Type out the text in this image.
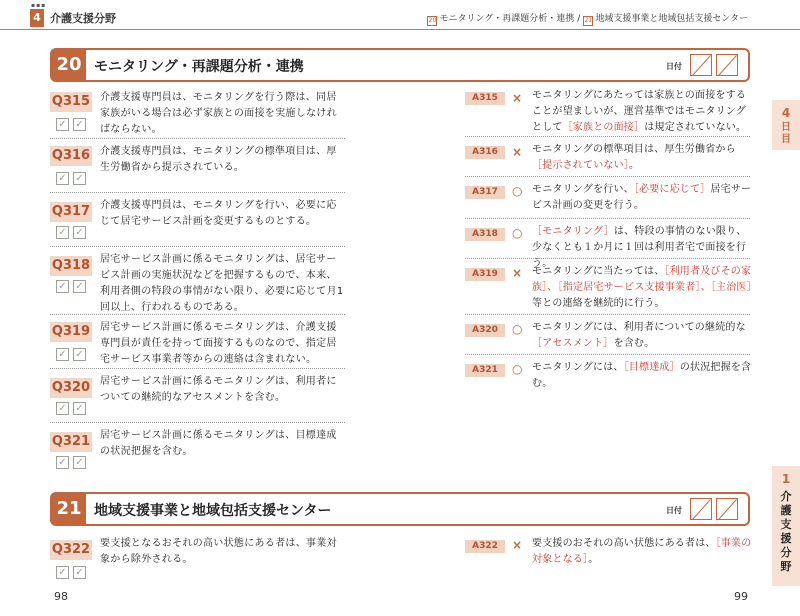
▪▪▪
4 介護支援分野	20 モニタリング・再課題分析・連携 / 21 地域支援事業と地域包括支援センター
20 モニタリング・再課題分析・連携	日付
Q315 介護支援専門員は、モニタリングを行う際は、同居家族がいる場合は必ず家族との面接を実施しなければならない。
✓ ✓
Q316 介護支援専門員は、モニタリングの標準項目は、厚生労働省から提示されている。
✓ ✓
Q317 介護支援専門員は、モニタリングを行い、必要に応じて居宅サービス計画を変更するものとする。
✓ ✓
Q318 居宅サービス計画に係るモニタリングは、居宅サービス計画の実施状況などを把握するもので、本来、利用者側の特段の事情がない限り、必要に応じて月1回以上、行われるものである。
✓ ✓
Q319 居宅サービス計画に係るモニタリングは、介護支援専門員が責任を持って面接するものなので、指定居宅サービス事業者等からの連絡は含まれない。
✓ ✓
Q320 居宅サービス計画に係るモニタリングは、利用者についての継続的なアセスメントを含む。
✓ ✓
Q321 居宅サービス計画に係るモニタリングは、目標達成の状況把握を含む。
✓ ✓
A315	× モニタリングにあたっては家族との面接をすることが望ましいが、運営基準ではモニタリングとして［家族との面接］は規定されていない。
A316	× モニタリングの標準項目は、厚生労働省から［提示されていない］。
A317	○ モニタリングを行い、［必要に応じて］居宅サービス計画の変更を行う。
A318	○ ［モニタリング］は、特段の事情のない限り、少なくとも１か月に１回は利用者宅で面接を行う。
A319	× モニタリングに当たっては、［利用者及びその家族］、［指定居宅サービス支援事業者］、［主治医］等との連絡を継続的に行う。
A320	○ モニタリングには、利用者についての継続的な［アセスメント］を含む。
A321	○ モニタリングには、［目標達成］の状況把握を含む。
21 地域支援事業と地域包括支援センター	日付
Q322 要支援となるおそれの高い状態にある者は、事業対象から除外される。
✓ ✓
A322	× 要支援のおそれの高い状態にある者は、［事業の対象となる］。
4
日目
1
介護支援分野
98	99
